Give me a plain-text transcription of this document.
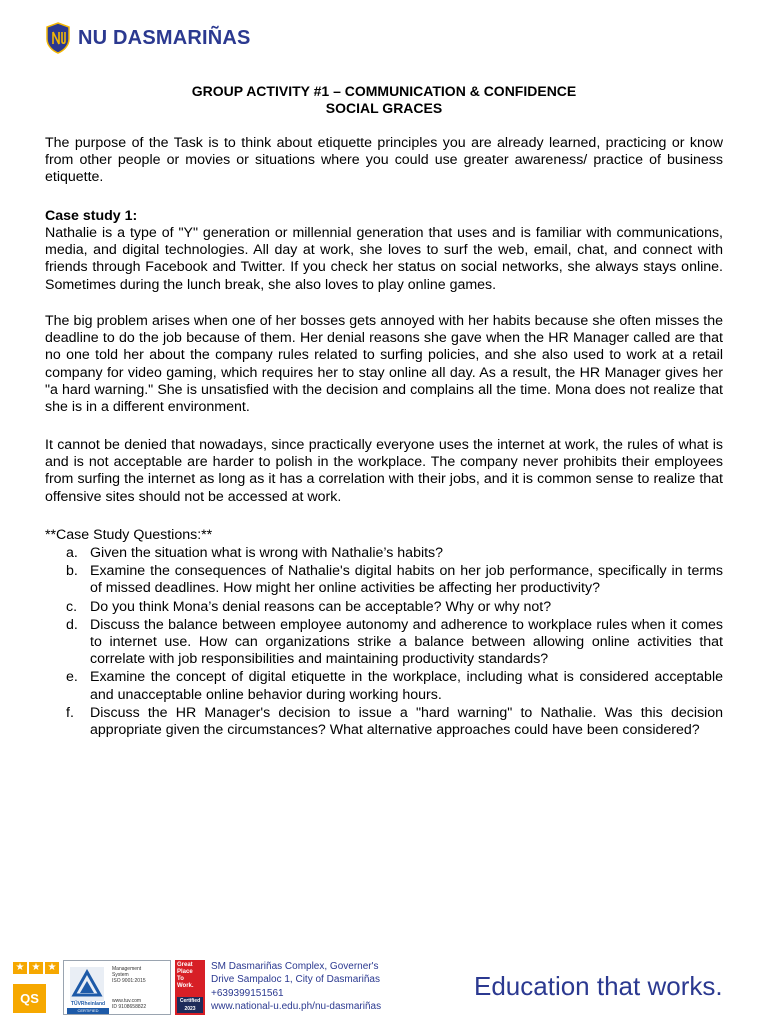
NU DASMARIÑAS
GROUP ACTIVITY #1 – COMMUNICATION & CONFIDENCE
SOCIAL GRACES
The purpose of the Task is to think about etiquette principles you are already learned, practicing or know from other people or movies or situations where you could use greater awareness/ practice of business etiquette.
Case study 1:
Nathalie is a type of "Y" generation or millennial generation that uses and is familiar with communications, media, and digital technologies. All day at work, she loves to surf the web, email, chat, and connect with friends through Facebook and Twitter. If you check her status on social networks, she always stays online. Sometimes during the lunch break, she also loves to play online games.
The big problem arises when one of her bosses gets annoyed with her habits because she often misses the deadline to do the job because of them. Her denial reasons she gave when the HR Manager called are that no one told her about the company rules related to surfing policies, and she also used to work at a retail company for video gaming, which requires her to stay online all day. As a result, the HR Manager gives her "a hard warning." She is unsatisfied with the decision and complains all the time. Mona does not realize that she is in a different environment.
It cannot be denied that nowadays, since practically everyone uses the internet at work, the rules of what is and is not acceptable are harder to polish in the workplace. The company never prohibits their employees from surfing the internet as long as it has a correlation with their jobs, and it is common sense to realize that offensive sites should not be accessed at work.
**Case Study Questions:**
a. Given the situation what is wrong with Nathalie’s habits?
b. Examine the consequences of Nathalie's digital habits on her job performance, specifically in terms of missed deadlines. How might her online activities be affecting her productivity?
c. Do you think Mona’s denial reasons can be acceptable? Why or why not?
d. Discuss the balance between employee autonomy and adherence to workplace rules when it comes to internet use. How can organizations strike a balance between allowing online activities that correlate with job responsibilities and maintaining productivity standards?
e. Examine the concept of digital etiquette in the workplace, including what is considered acceptable and unacceptable online behavior during working hours.
f.	Discuss the HR Manager's decision to issue a "hard warning" to Nathalie. Was this decision appropriate given the circumstances? What alternative approaches could have been considered?
★ ★ ★
QS	TÜVRheinland
CERTIFIED
Management
System
ISO 9001:2015
www.tuv.com
ID 9108658822
Great
Place
To
Work.
Certified
2023
SM Dasmariñas Complex, Governer's
Drive Sampaloc 1, City of Dasmariñas
+639399151561
www.national-u.edu.ph/nu-dasmariñas
Education that works.
